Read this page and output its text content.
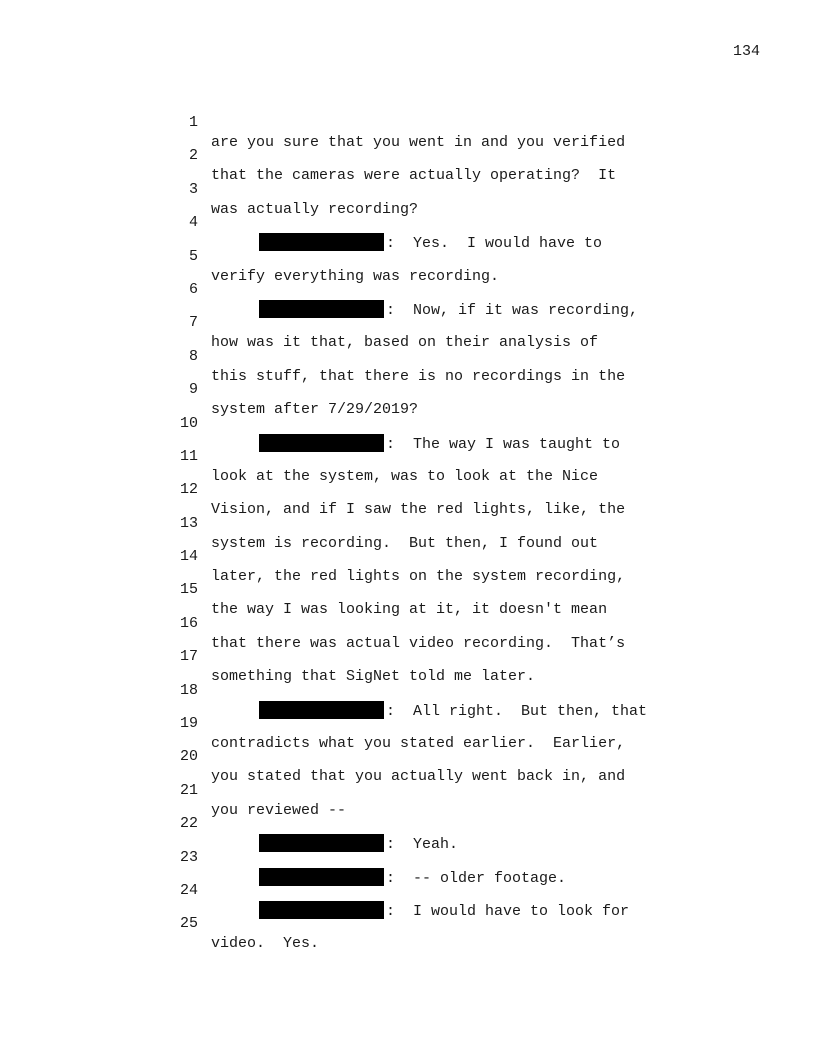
134

1

are you sure that you went in and you verified

2

that the cameras were actually operating?  It

3

was actually recording?

4

:  Yes.  I would have to

5

verify everything was recording.

6

:  Now, if it was recording,

7

how was it that, based on their analysis of

8

this stuff, that there is no recordings in the

9

system after 7/29/2019?

10

:  The way I was taught to

11

look at the system, was to look at the Nice

12

Vision, and if I saw the red lights, like, the

13

system is recording.  But then, I found out

14

later, the red lights on the system recording,

15

the way I was looking at it, it doesn't mean

16

that there was actual video recording.  That’s

17

something that SigNet told me later.

18

:  All right.  But then, that

19

contradicts what you stated earlier.  Earlier,

20

you stated that you actually went back in, and

21

you reviewed --

22

:  Yeah.

23

:  -- older footage.

24

:  I would have to look for

25

video.  Yes.
